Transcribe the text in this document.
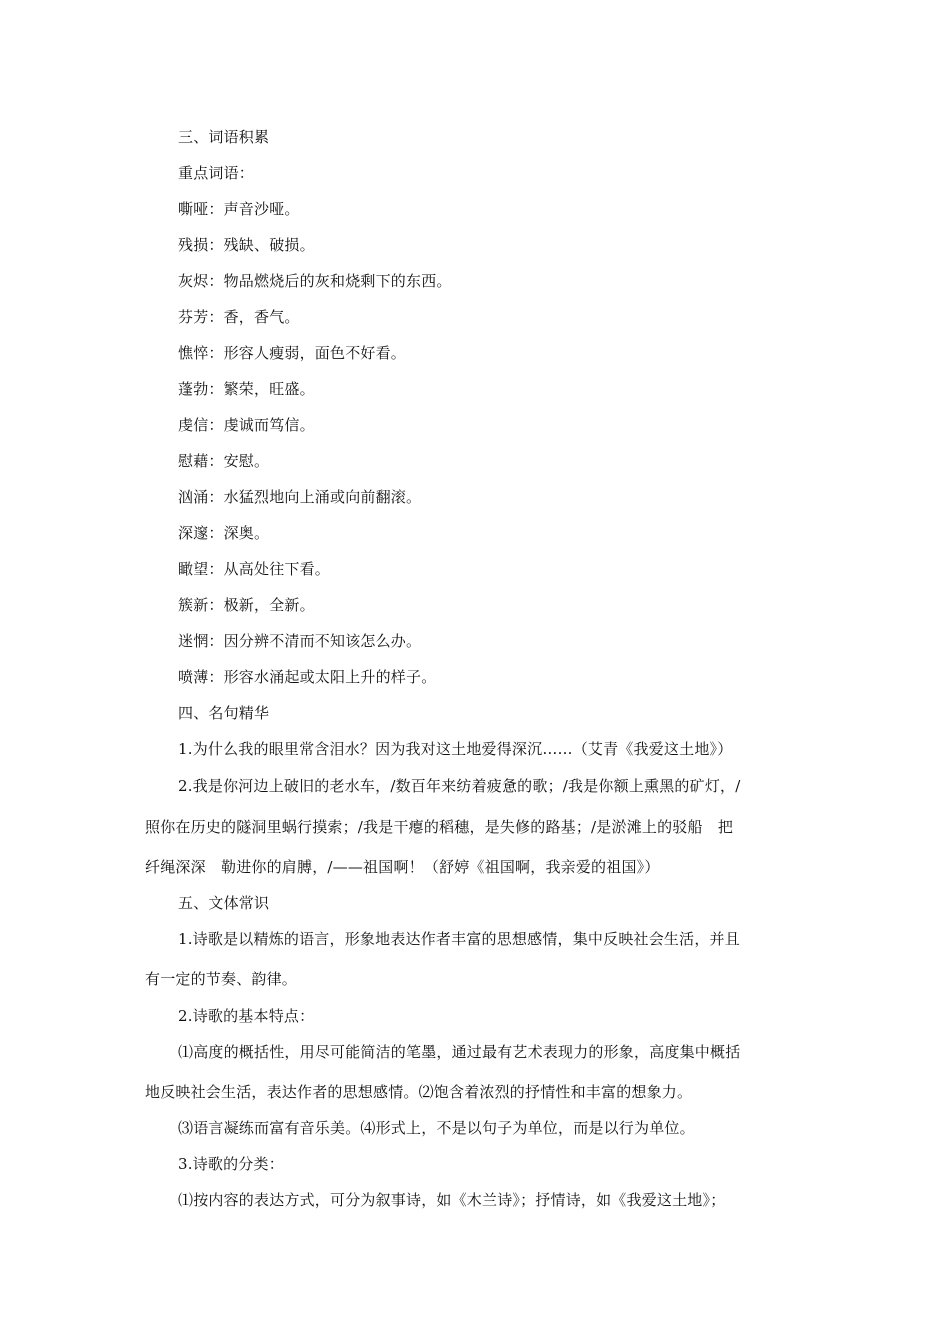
三、词语积累
重点词语：
嘶哑：声音沙哑。
残损：残缺、破损。
灰烬：物品燃烧后的灰和烧剩下的东西。
芬芳：香，香气。
憔悴：形容人瘦弱，面色不好看。
蓬勃：繁荣，旺盛。
虔信：虔诚而笃信。
慰藉：安慰。
汹涌：水猛烈地向上涌或向前翻滚。
深邃：深奥。
瞰望：从高处往下看。
簇新：极新，全新。
迷惘：因分辨不清而不知该怎么办。
喷薄：形容水涌起或太阳上升的样子。
四、名句精华
1.为什么我的眼里常含泪水？因为我对这土地爱得深沉……（艾青《我爱这土地》）
2.我是你河边上破旧的老水车，/数百年来纺着疲惫的歌；/我是你额上熏黑的矿灯，/
照你在历史的隧洞里蜗行摸索；/我是干瘪的稻穗，是失修的路基；/是淤滩上的驳船　把
纤绳深深　勒进你的肩膊，/——祖国啊！（舒婷《祖国啊，我亲爱的祖国》）
五、文体常识
1.诗歌是以精炼的语言，形象地表达作者丰富的思想感情，集中反映社会生活，并且
有一定的节奏、韵律。
2.诗歌的基本特点：
⑴高度的概括性，用尽可能简洁的笔墨，通过最有艺术表现力的形象，高度集中概括
地反映社会生活，表达作者的思想感情。⑵饱含着浓烈的抒情性和丰富的想象力。
⑶语言凝练而富有音乐美。⑷形式上，不是以句子为单位，而是以行为单位。
3.诗歌的分类：
⑴按内容的表达方式，可分为叙事诗，如《木兰诗》；抒情诗，如《我爱这土地》；
